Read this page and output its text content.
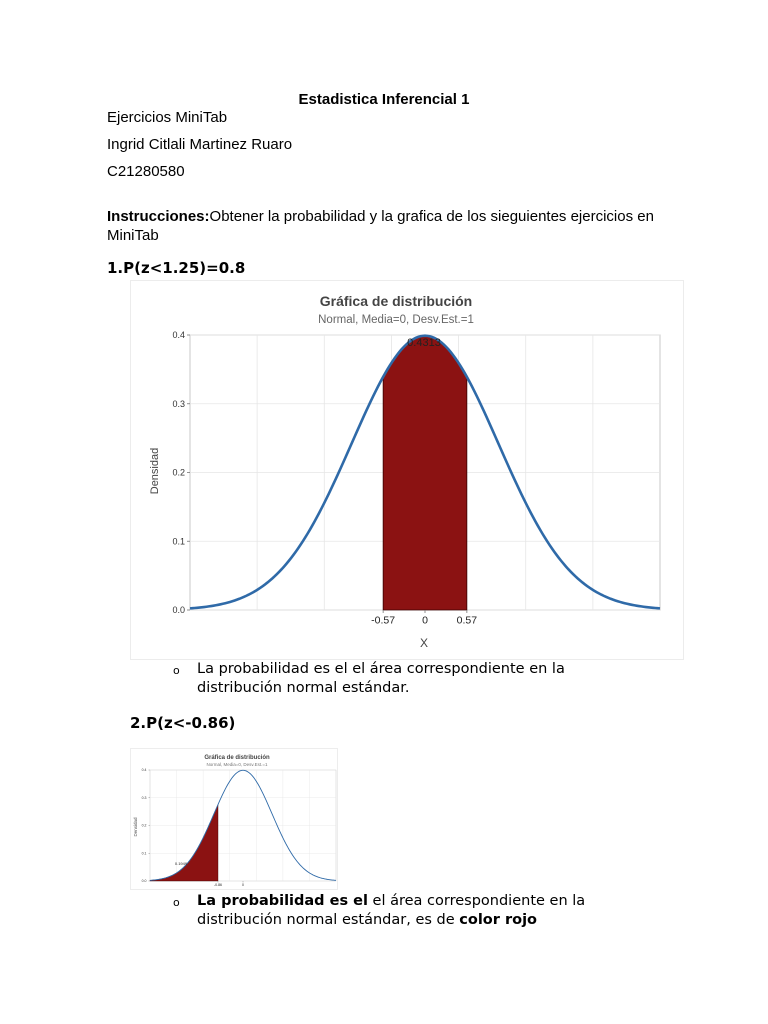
Estadistica Inferencial 1
Ejercicios MiniTab
Ingrid Citlali Martinez Ruaro
C21280580
Instrucciones:Obtener la probabilidad y la grafica de los sieguientes ejercicios en MiniTab
1.P(z<1.25)=0.8
Gráfica de distribución
Normal, Media=0, Desv.Est.=1
Densidad
X
0.0
0.1
0.2
0.3
0.4
-0.57	0	0.57
0.4313
o La probabilidad es el el área correspondiente en la distribución normal estándar.
2.P(z<-0.86)
Gráfica de distribución
Normal, Media=0, Desv.Est.=1
Densidad
0.0
0.1
0.2
0.3
0.4
-0.86	0
0.1949
o La probabilidad es el el área correspondiente en la distribución normal estándar, es de color rojo
